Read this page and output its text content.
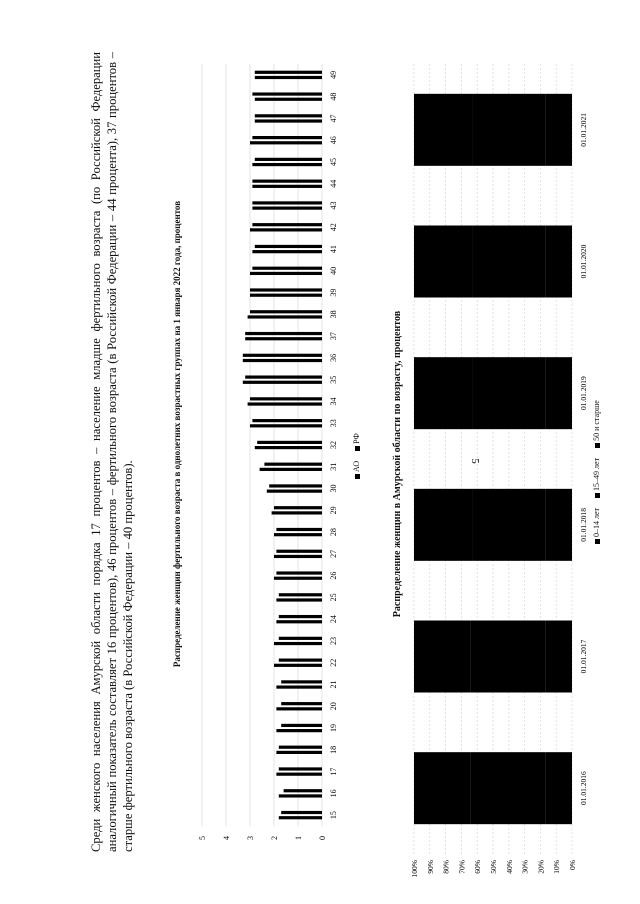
5
Среди женского населения Амурской области порядка 17 процентов – население младше фертильного возраста (по Российской Федерации аналогичный показатель составляет 16 процентов), 46 процентов – фертильного возраста (в Российской Федерации – 44 процента), 37 процентов – старше фертильного возраста (в Российской Федерации – 40 процентов).	Распределение женщин фертильного возраста в однолетних возрастных группах на 1 января 2022 года, процентов
0
1
2
3
4
5
15
16
17
18
19
20
21
22
23
24
25
26
27
28
29
30
31
32
33
34
35
36
37
38
39
40
41
42
43
44
45
46
47
48
49
АО РФ	Распределение женщин в Амурской области по возрасту, процентов
0%
10%
20%
30%
40%
50%
60%
70%
80%
90%
100%
01.01.2016
01.01.2017
01.01.2018
01.01.2019
01.01.2020
01.01.2021
0–14 лет 15–49 лет 50 и старше
